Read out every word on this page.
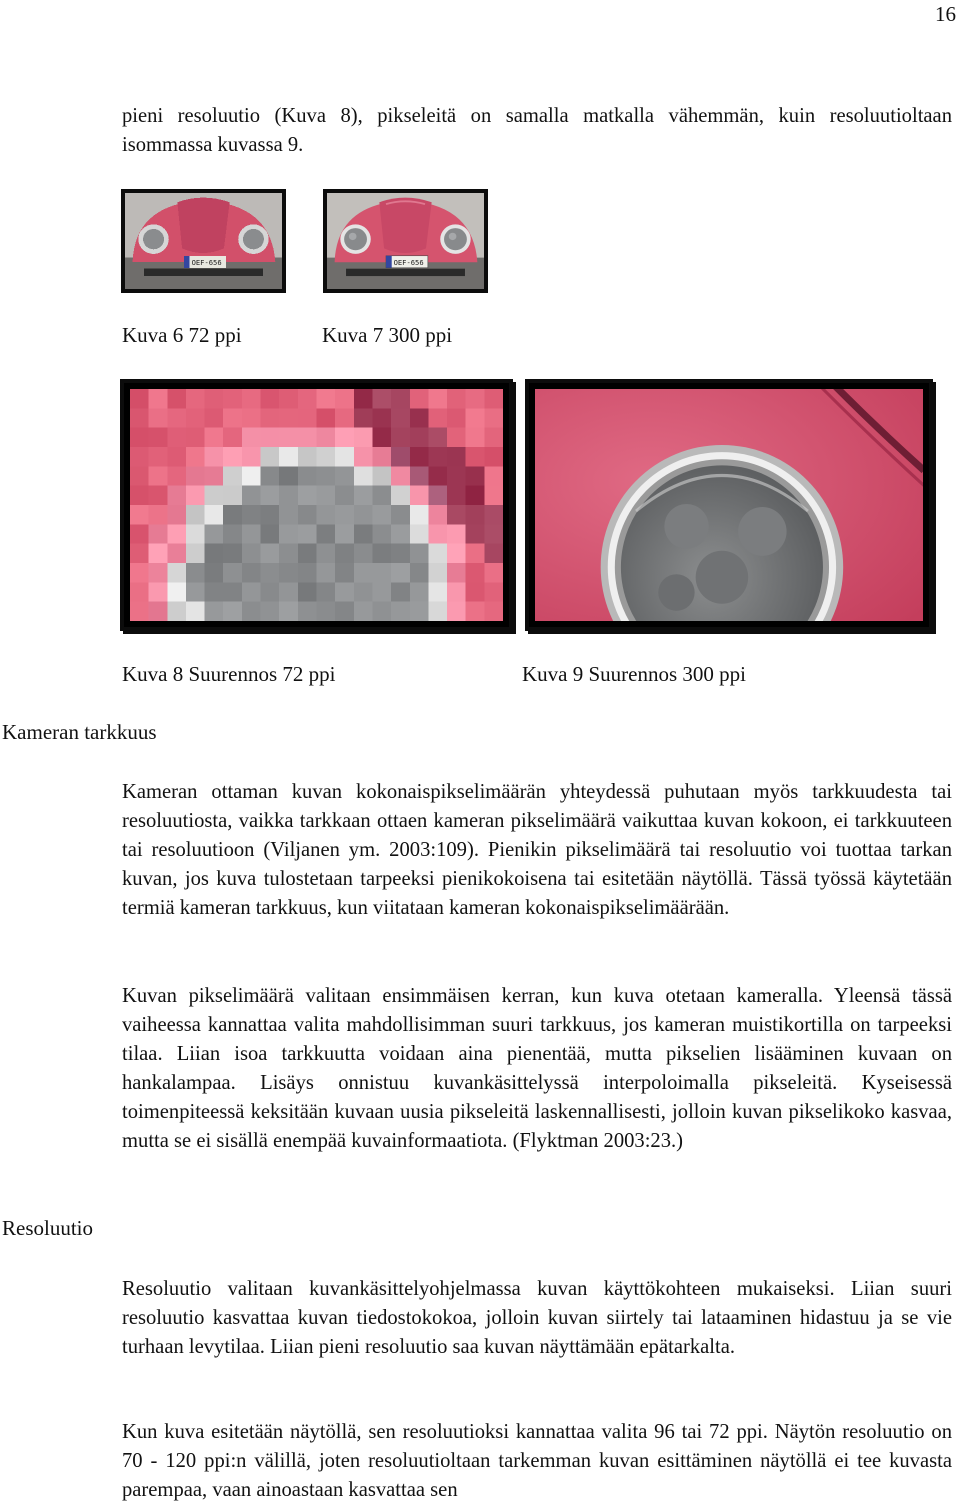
16

pieni resoluutio (Kuva 8), pikseleitä on samalla matkalla vähemmän, kuin resoluutioltaan isommassa kuvassa 9.

OEF-656	OEF-656
Kuva 6 72 ppi	Kuva 7 300 ppi
Kuva 8 Suurennos 72 ppi	Kuva 9 Suurennos 300 ppi
Kameran tarkkuus

Kameran ottaman kuvan kokonaispikselimäärän yhteydessä puhutaan myös tarkkuudesta tai resoluutiosta, vaikka tarkkaan ottaen kameran pikselimäärä vaikuttaa kuvan kokoon, ei tarkkuuteen tai resoluutioon (Viljanen ym. 2003:109). Pienikin pikselimäärä tai resoluutio voi tuottaa tarkan kuvan, jos kuva tulostetaan tarpeeksi pienikokoisena tai esitetään näytöllä. Tässä työssä käytetään termiä kameran tarkkuus, kun viitataan kameran kokonaispikselimäärään.

Kuvan pikselimäärä valitaan ensimmäisen kerran, kun kuva otetaan kameralla. Yleensä tässä vaiheessa kannattaa valita mahdollisimman suuri tarkkuus, jos kameran muistikortilla on tarpeeksi tilaa. Liian isoa tarkkuutta voidaan aina pienentää, mutta pikselien lisääminen kuvaan on hankalampaa. Lisäys onnistuu kuvankäsittelyssä interpoloimalla pikseleitä. Kyseisessä toimenpiteessä keksitään kuvaan uusia pikseleitä laskennallisesti, jolloin kuvan pikselikoko kasvaa, mutta se ei sisällä enempää kuvainformaatiota. (Flyktman 2003:23.)

Resoluutio

Resoluutio valitaan kuvankäsittelyohjelmassa kuvan käyttökohteen mukaiseksi. Liian suuri resoluutio kasvattaa kuvan tiedostokokoa, jolloin kuvan siirtely tai lataaminen hidastuu ja se vie turhaan levytilaa. Liian pieni resoluutio saa kuvan näyttämään epätarkalta.

Kun kuva esitetään näytöllä, sen resoluutioksi kannattaa valita 96 tai 72 ppi. Näytön resoluutio on 70 - 120 ppi:n välillä, joten resoluutioltaan tarkemman kuvan esittäminen näytöllä ei tee kuvasta parempaa, vaan ainoastaan kasvattaa sen
